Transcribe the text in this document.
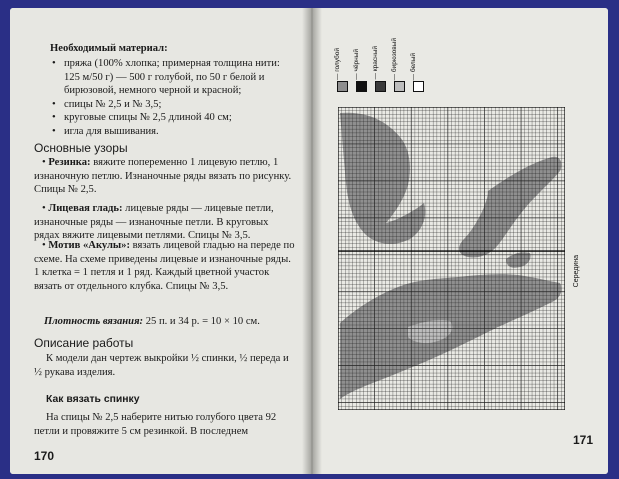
Необходимый материал:
• пряжа (100% хлопка; примерная толщина нити: 125 м/50 г) — 500 г голубой, по 50 г белой и бирюзовой, немного черной и красной;
• спицы № 2,5 и № 3,5;
• круговые спицы № 2,5 длиной 40 см;
• игла для вышивания.
Основные узоры
• Резинка: вяжите попеременно 1 лицевую петлю, 1 изнаночную петлю. Изнаночные ряды вязать по рисунку. Спицы № 2,5.
• Лицевая гладь: лицевые ряды — лицевые петли, изнаночные ряды — изнаночные петли. В круговых рядах вяжите лицевыми петлями. Спицы № 3,5.
• Мотив «Акулы»: вязать лицевой гладью на переде по схеме. На схеме приведены лицевые и изнаночные ряды. 1 клетка = 1 петля и 1 ряд. Каждый цветной участок вязать от отдельного клубка. Спицы № 3,5.
Плотность вязания: 25 п. и 34 р. = 10 × 10 см.
Описание работы
К модели дан чертеж выкройки ½ спинки, ½ переда и ½ рукава изделия.
Как вязать спинку
На спицы № 2,5 наберите нитью голубого цвета 92 петли и провяжите 5 см резинкой. В последнем
170
— голубой — чёрный — красный — бирюзовый — белый
Середина
171
